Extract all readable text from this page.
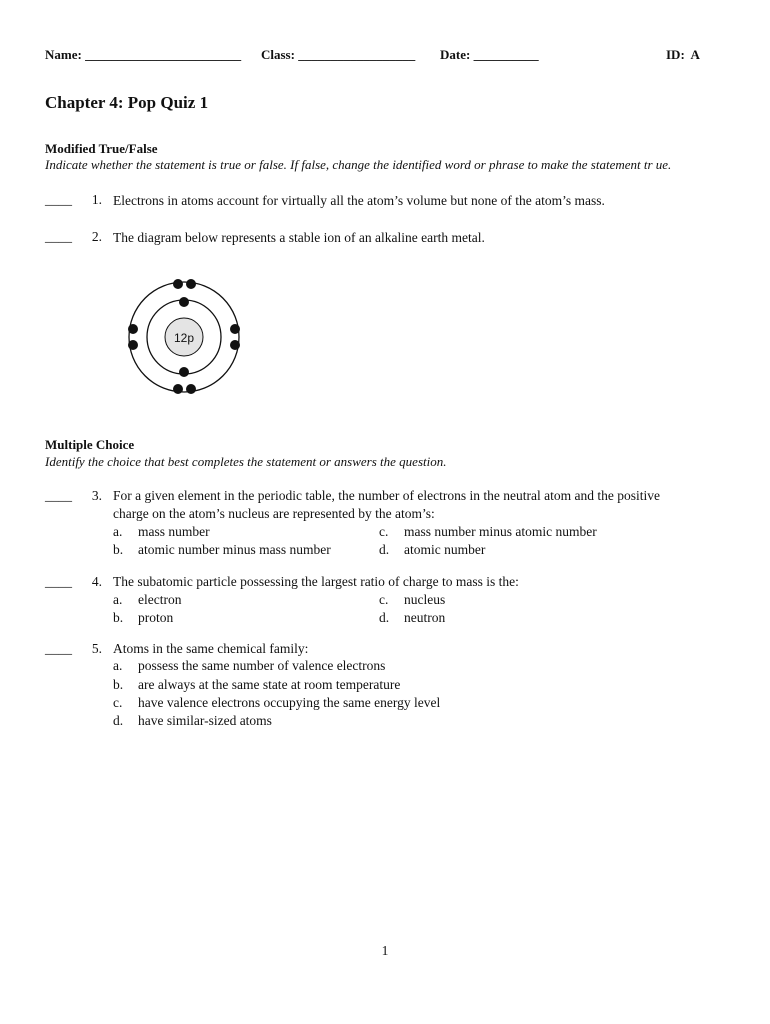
Name: ________________________ Class: __________________ Date: __________	ID:  A
Chapter 4: Pop Quiz 1
Modified True/False
Indicate whether the statement is true or false. If false, change the identified word or phrase to make the statement tr ue.
____	1. Electrons in atoms account for virtually all the atom’s volume but none of the atom’s mass.
____	2. The diagram below represents a stable ion of an alkaline earth metal.
12p
Multiple Choice
Identify the choice that best completes the statement or answers the question.
____	3. For a given element in the periodic table, the number of electrons in the neutral atom and the positive
charge on the atom’s nucleus are represented by the atom’s:
a. mass number
b. atomic number minus mass number
c. mass number minus atomic number
d. atomic number
____	4. The subatomic particle possessing the largest ratio of charge to mass is the:
a. electron
b. proton
c. nucleus
d. neutron
____	5. Atoms in the same chemical family:
a. possess the same number of valence electrons
b. are always at the same state at room temperature
c. have valence electrons occupying the same energy level
d. have similar-sized atoms
1
